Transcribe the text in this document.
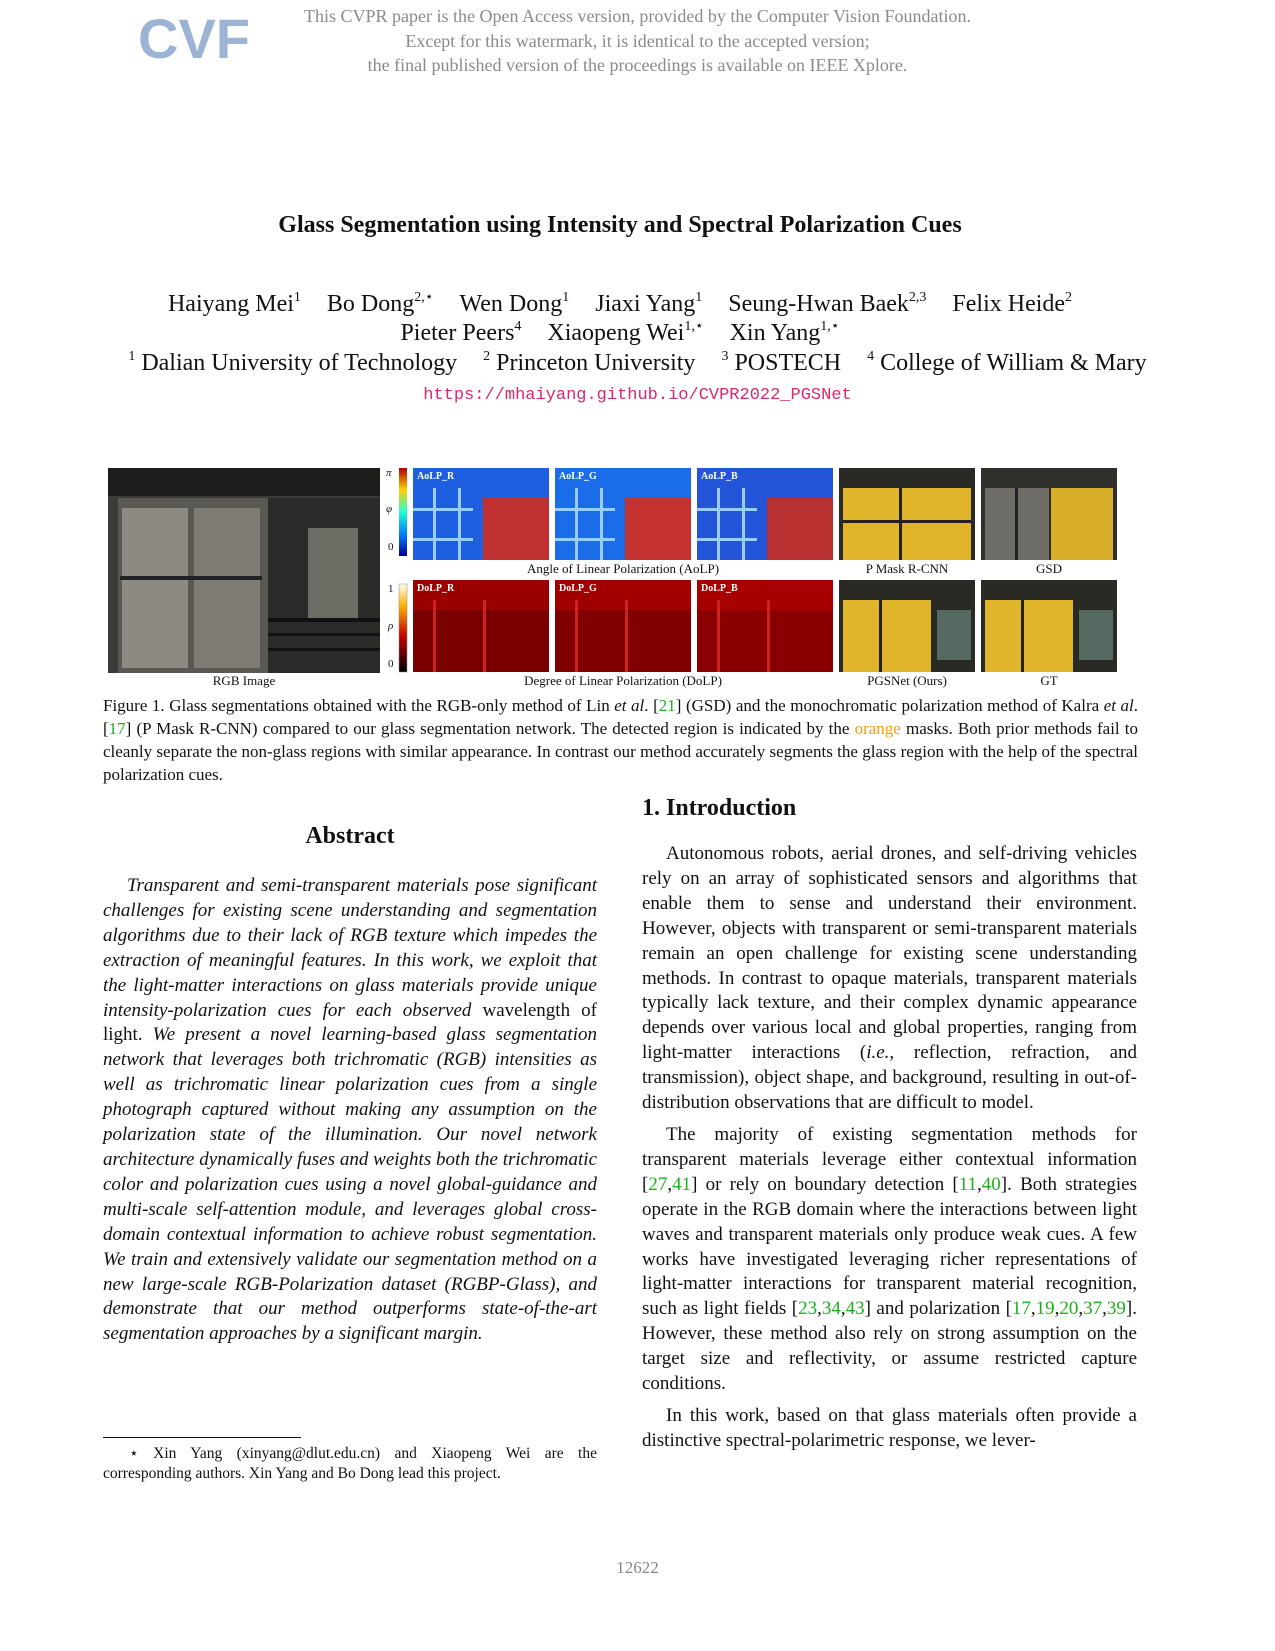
CVF	This CVPR paper is the Open Access version, provided by the Computer Vision Foundation.
Except for this watermark, it is identical to the accepted version;
the final published version of the proceedings is available on IEEE Xplore.
Glass Segmentation using Intensity and Spectral Polarization Cues
Haiyang Mei$^1$ Bo Dong$^{2,⋆}$ Wen Dong$^1$ Jiaxi Yang$^1$ Seung-Hwan Baek$^{2,3}$ Felix Heide$^2$
Pieter Peers$^4$ Xiaopeng Wei$^{1,⋆}$ Xin Yang$^{1,⋆}$
$^1$ Dalian University of Technology $^2$ Princeton University $^3$ POSTECH $^4$ College of William & Mary
https://mhaiyang.github.io/CVPR2022_PGSNet
RGB Image
π
φ
0
1
ρ
0
AoLP_R	AoLP_G	AoLP_B
Angle of Linear Polarization (AoLP)
DoLP_R	DoLP_G	DoLP_B
Degree of Linear Polarization (DoLP)
P Mask R-CNN	GSD
PGSNet (Ours)	GT
Figure 1. Glass segmentations obtained with the RGB-only method of Lin et al. [21] (GSD) and the monochromatic polarization method of Kalra et al. [17] (P Mask R-CNN) compared to our glass segmentation network. The detected region is indicated by the orange masks. Both prior methods fail to cleanly separate the non-glass regions with similar appearance. In contrast our method accurately segments the glass region with the help of the spectral polarization cues.
Abstract

Transparent and semi-transparent materials pose significant challenges for existing scene understanding and segmentation algorithms due to their lack of RGB texture which impedes the extraction of meaningful features. In this work, we exploit that the light-matter interactions on glass materials provide unique intensity-polarization cues for each observed wavelength of light. We present a novel learning-based glass segmentation network that leverages both trichromatic (RGB) intensities as well as trichromatic linear polarization cues from a single photograph captured without making any assumption on the polarization state of the illumination. Our novel network architecture dynamically fuses and weights both the trichromatic color and polarization cues using a novel global-guidance and multi-scale self-attention module, and leverages global cross-domain contextual information to achieve robust segmentation. We train and extensively validate our segmentation method on a new large-scale RGB-Polarization dataset (RGBP-Glass), and demonstrate that our method outperforms state-of-the-art segmentation approaches by a significant margin.

⋆ Xin Yang (xinyang@dlut.edu.cn) and Xiaopeng Wei are the corresponding authors. Xin Yang and Bo Dong lead this project.
1. Introduction

Autonomous robots, aerial drones, and self-driving vehicles rely on an array of sophisticated sensors and algorithms that enable them to sense and understand their environment. However, objects with transparent or semi-transparent materials remain an open challenge for existing scene understanding methods. In contrast to opaque materials, transparent materials typically lack texture, and their complex dynamic appearance depends over various local and global properties, ranging from light-matter interactions (i.e., reflection, refraction, and transmission), object shape, and background, resulting in out-of-distribution observations that are difficult to model.

The majority of existing segmentation methods for transparent materials leverage either contextual information [27,41] or rely on boundary detection [11,40]. Both strategies operate in the RGB domain where the interactions between light waves and transparent materials only produce weak cues. A few works have investigated leveraging richer representations of light-matter interactions for transparent material recognition, such as light fields [23,34,43] and polarization [17,19,20,37,39]. However, these method also rely on strong assumption on the target size and reflectivity, or assume restricted capture conditions.

In this work, based on that glass materials often provide a distinctive spectral-polarimetric response, we lever-

12622
